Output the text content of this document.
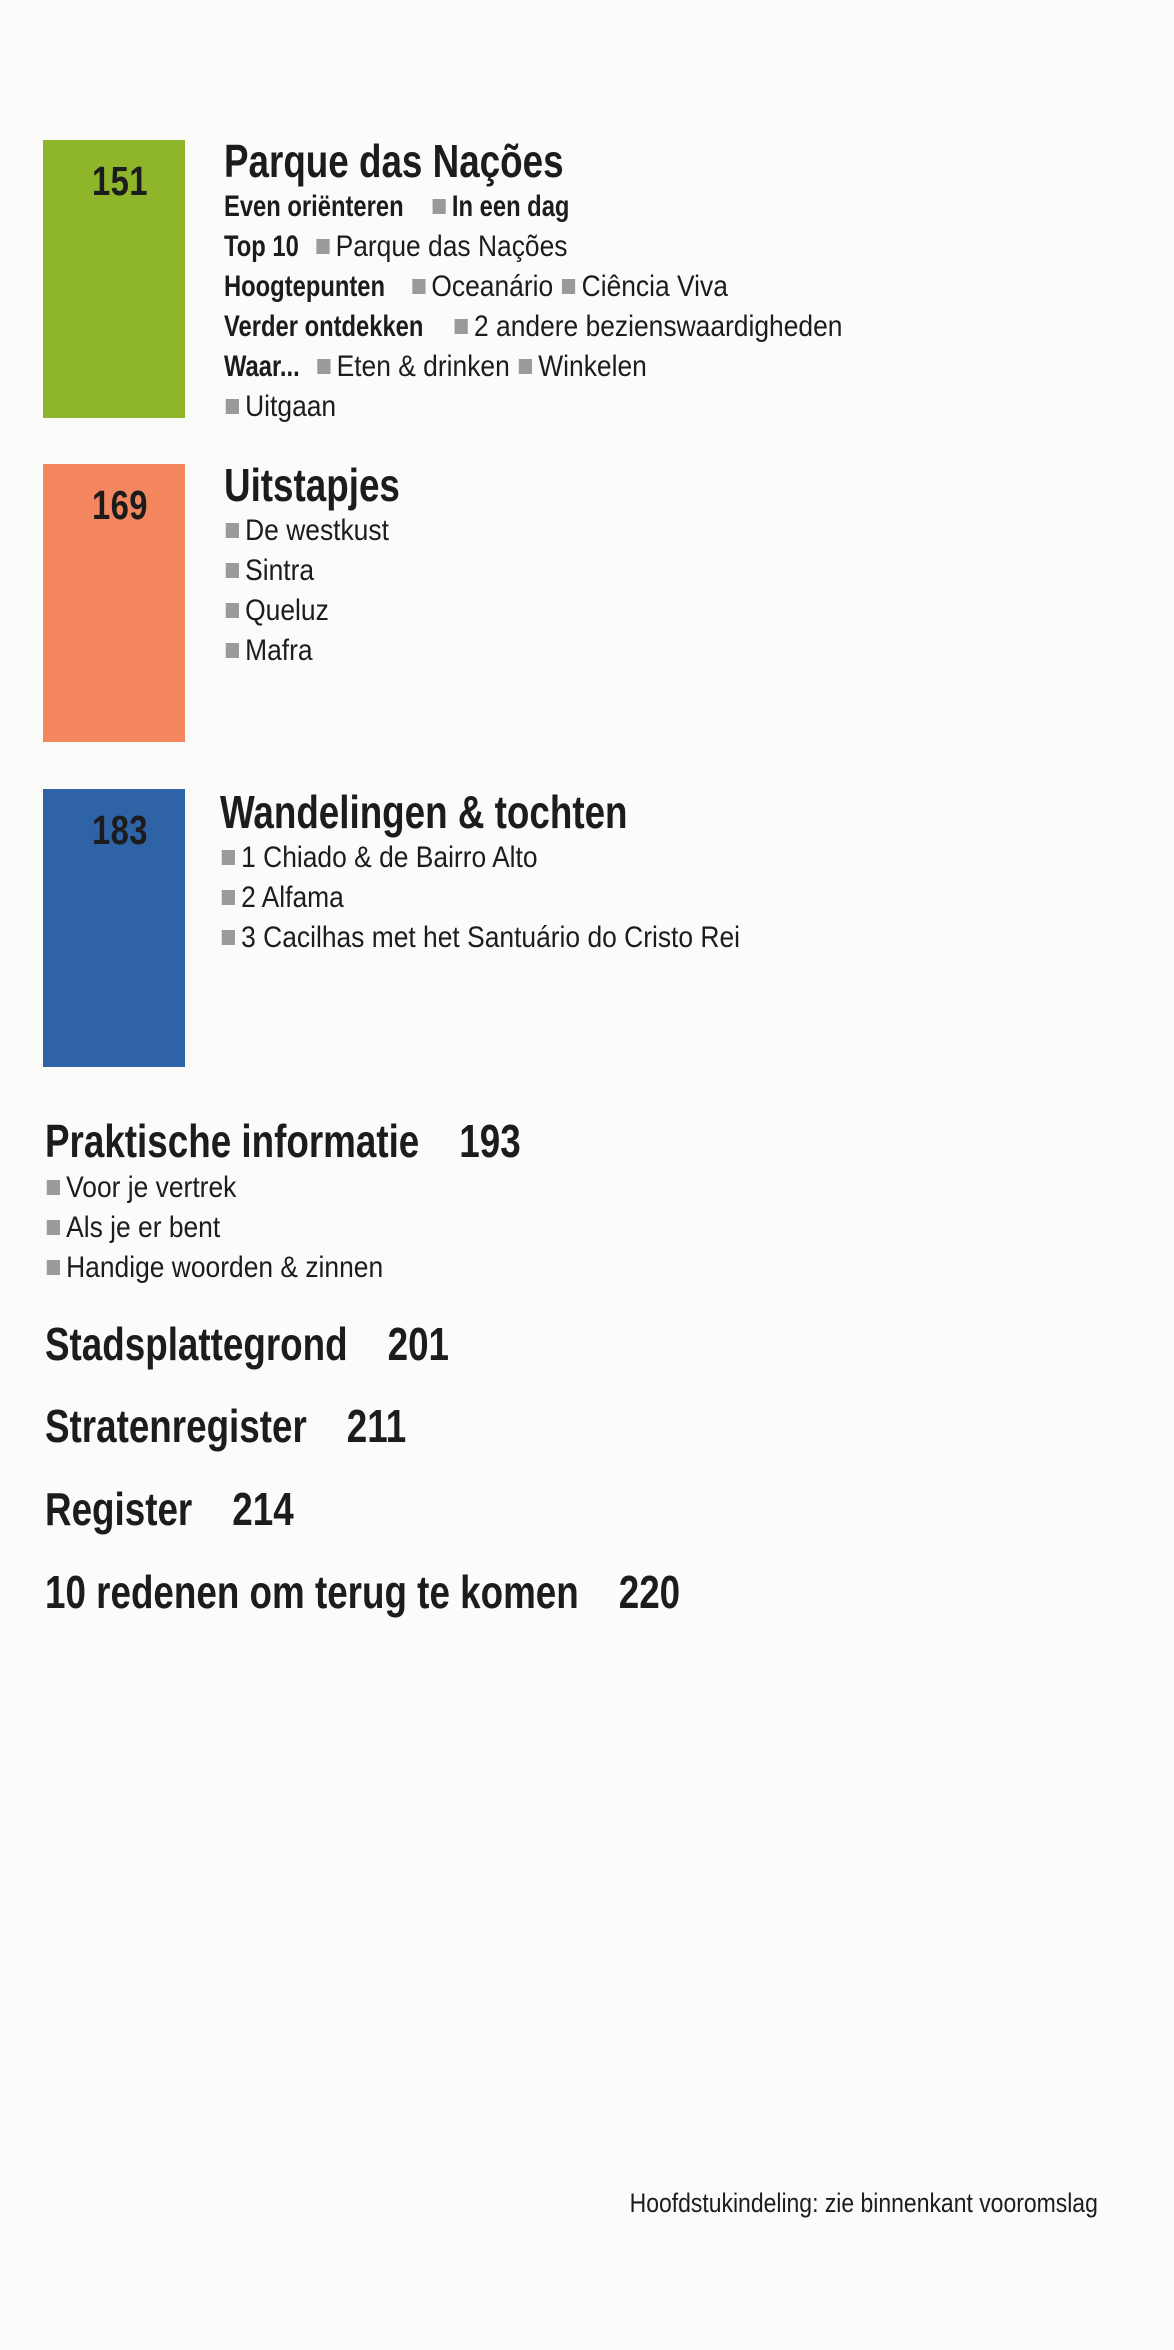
151	Parque das Nações
Even oriënteren In een dag
Top 10 Parque das Nações
Hoogtepunten Oceanário Ciência Viva
Verder ontdekken 2 andere bezienswaardigheden
Waar... Eten & drinken Winkelen
Uitgaan
169	Uitstapjes
De westkust
Sintra
Queluz
Mafra
183	Wandelingen & tochten
1 Chiado & de Bairro Alto
2 Alfama
3 Cacilhas met het Santuário do Cristo Rei
Praktische informatie 193
Voor je vertrek
Als je er bent
Handige woorden & zinnen
Stadsplattegrond 201
Stratenregister 211
Register 214
10 redenen om terug te komen 220
Hoofdstukindeling: zie binnenkant vooromslag
